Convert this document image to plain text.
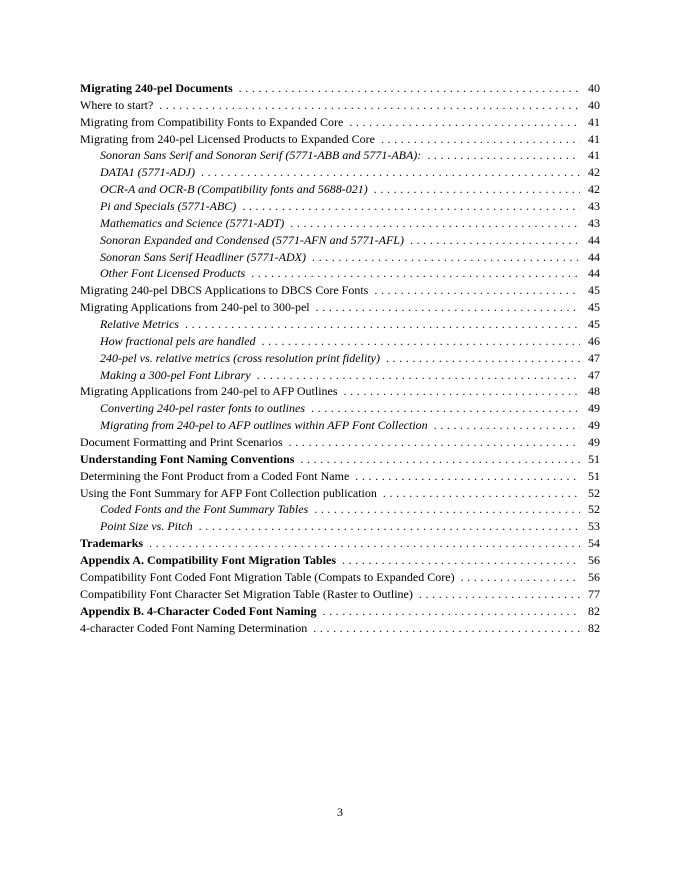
Migrating 240-pel Documents . . .	40
Where to start? . . .	40
Migrating from Compatibility Fonts to Expanded Core . . .	41
Migrating from 240-pel Licensed Products to Expanded Core . . .	41
Sonoran Sans Serif and Sonoran Serif (5771-ABB and 5771-ABA): . . .	41
DATA1 (5771-ADJ) . . .	42
OCR-A and OCR-B (Compatibility fonts and 5688-021) . . .	42
Pi and Specials (5771-ABC) . . .	43
Mathematics and Science (5771-ADT) . . .	43
Sonoran Expanded and Condensed (5771-AFN and 5771-AFL) . . .	44
Sonoran Sans Serif Headliner (5771-ADX) . . .	44
Other Font Licensed Products . . .	44
Migrating 240-pel DBCS Applications to DBCS Core Fonts . . .	45
Migrating Applications from 240-pel to 300-pel . . .	45
Relative Metrics . . .	45
How fractional pels are handled . . .	46
240-pel vs. relative metrics (cross resolution print fidelity) . . .	47
Making a 300-pel Font Library . . .	47
Migrating Applications from 240-pel to AFP Outlines . . .	48
Converting 240-pel raster fonts to outlines . . .	49
Migrating from 240-pel to AFP outlines within AFP Font Collection . . .	49
Document Formatting and Print Scenarios . . .	49
Understanding Font Naming Conventions . . .	51
Determining the Font Product from a Coded Font Name . . .	51
Using the Font Summary for AFP Font Collection publication . . .	52
Coded Fonts and the Font Summary Tables . . .	52
Point Size vs. Pitch . . .	53
Trademarks . . .	54
Appendix A. Compatibility Font Migration Tables . . .	56
Compatibility Font Coded Font Migration Table (Compats to Expanded Core) . . .	56
Compatibility Font Character Set Migration Table (Raster to Outline) . . .	77
Appendix B. 4-Character Coded Font Naming . . .	82
4-character Coded Font Naming Determination . . .	82
3
